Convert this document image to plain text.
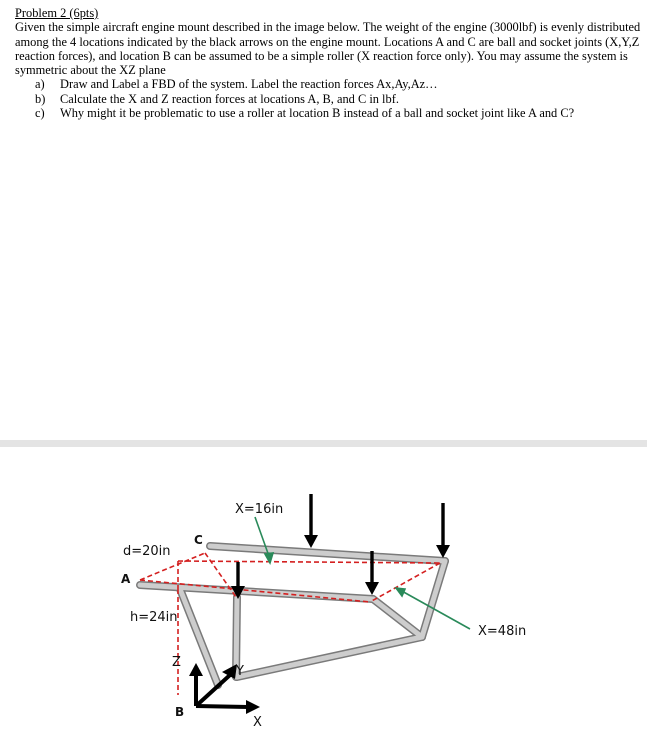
Problem 2 (6pts)

Given the simple aircraft engine mount described in the image below. The weight of the engine (3000lbf) is evenly distributed among the 4 locations indicated by the black arrows on the engine mount. Locations A and C are ball and socket joints (X,Y,Z reaction forces), and location B can be assumed to be a simple roller (X reaction force only). You may assume the system is symmetric about the XZ plane

a) Draw and Label a FBD of the system. Label the reaction forces Ax,Ay,Az…
b) Calculate the X and Z reaction forces at locations A, B, and C in lbf.
c) Why might it be problematic to use a roller at location B instead of a ball and socket joint like A and C?
X=16in
d=20in
h=24in
X=48in
A
B
C
Z
Y
X
